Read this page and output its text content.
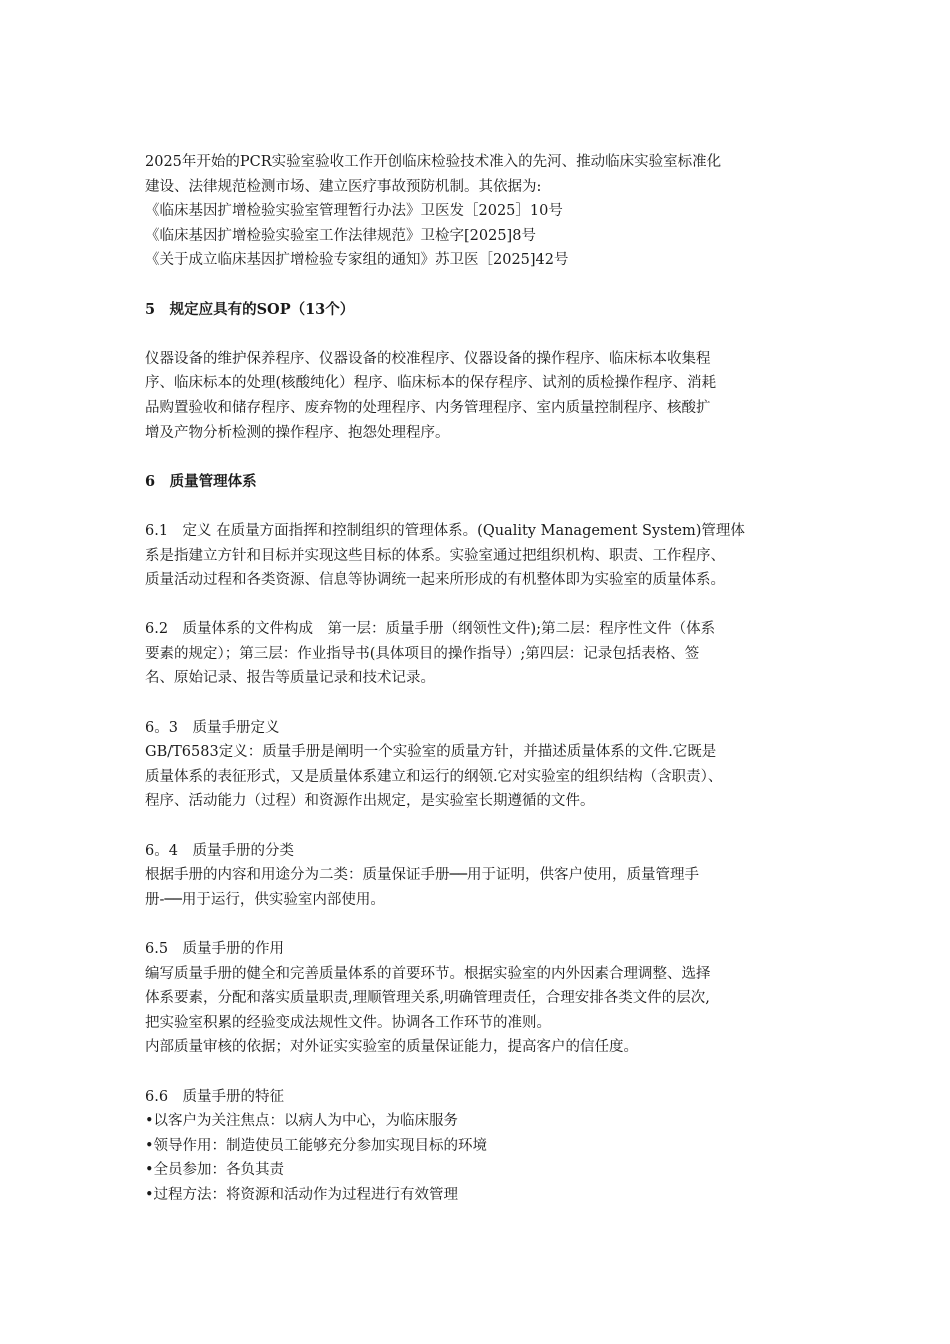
2025年开始的PCR实验室验收工作开创临床检验技术准入的先河、推动临床实验室标准化
建设、法律规范检测市场、建立医疗事故预防机制。其依据为:
《临床基因扩增检验实验室管理暂行办法》卫医发［2025］10号
《临床基因扩增检验实验室工作法律规范》卫检字[2025]8号
《关于成立临床基因扩增检验专家组的通知》苏卫医［2025]42号
5　规定应具有的SOP（13个）
仪器设备的维护保养程序、仪器设备的校准程序、仪器设备的操作程序、临床标本收集程
序、临床标本的处理(核酸纯化）程序、临床标本的保存程序、试剂的质检操作程序、消耗
品购置验收和储存程序、废弃物的处理程序、内务管理程序、室内质量控制程序、核酸扩
增及产物分析检测的操作程序、抱怨处理程序。
6　质量管理体系
6.1　定义 在质量方面指挥和控制组织的管理体系。(Quality Management System)管理体
系是指建立方针和目标并实现这些目标的体系。实验室通过把组织机构、职责、工作程序、
质量活动过程和各类资源、信息等协调统一起来所形成的有机整体即为实验室的质量体系。
6.2　质量体系的文件构成　第一层：质量手册（纲领性文件);第二层：程序性文件（体系
要素的规定）；第三层：作业指导书(具体项目的操作指导）;第四层：记录包括表格、签
名、原始记录、报告等质量记录和技术记录。
6。3　质量手册定义
GB/T6583定义：质量手册是阐明一个实验室的质量方针，并描述质量体系的文件.它既是
质量体系的表征形式，又是质量体系建立和运行的纲领.它对实验室的组织结构（含职责）、
程序、活动能力（过程）和资源作出规定，是实验室长期遵循的文件。
6。4　质量手册的分类
根据手册的内容和用途分为二类：质量保证手册──用于证明，供客户使用，质量管理手
册-──用于运行，供实验室内部使用。
6.5　质量手册的作用
编写质量手册的健全和完善质量体系的首要环节。根据实验室的内外因素合理调整、选择
体系要素，分配和落实质量职责,理顺管理关系,明确管理责任，合理安排各类文件的层次,
把实验室积累的经验变成法规性文件。协调各工作环节的准则。
内部质量审核的依据；对外证实实验室的质量保证能力，提高客户的信任度。
6.6　质量手册的特征
•以客户为关注焦点：以病人为中心，为临床服务
•领导作用：制造使员工能够充分参加实现目标的环境
•全员参加：各负其责
•过程方法：将资源和活动作为过程进行有效管理
